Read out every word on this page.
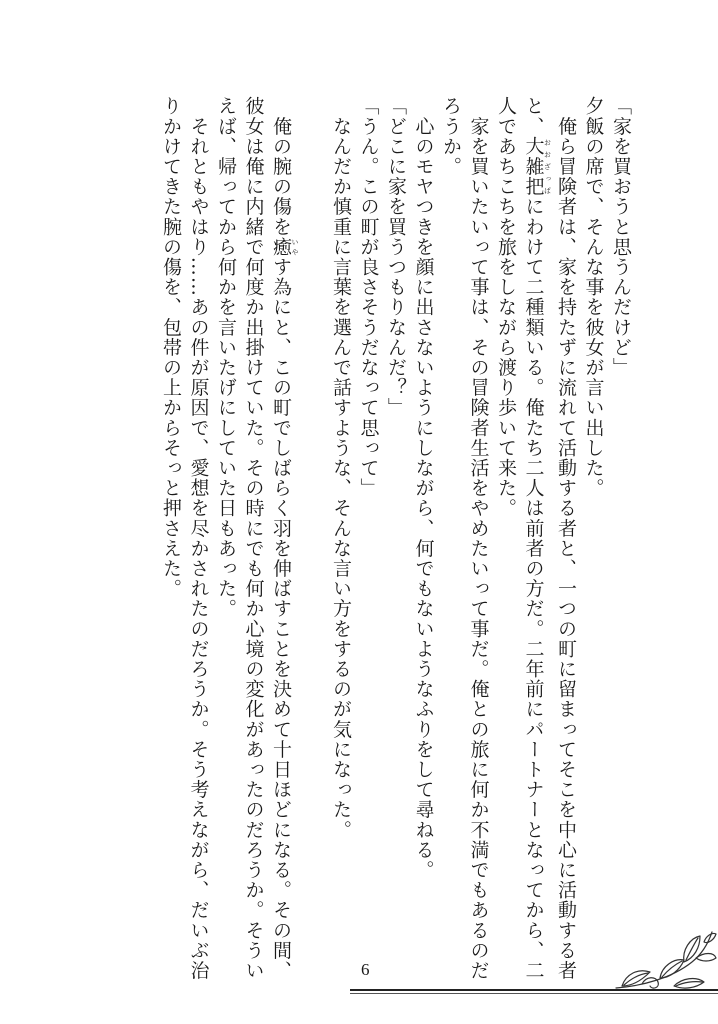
「家を買おうと思うんだけど」
夕飯の席で、そんな事を彼女が言い出した。
　俺ら冒険者は、家を持たずに流れて活動する者と、一つの町に留まってそこを中心に活動する者
と、大雑把 おおざっぱにわけて二種類いる。俺たち二人は前者の方だ。二年前にパートナーとなってから、二
人であちこちを旅をしながら渡り歩いて来た。
　家を買いたいって事は、その冒険者生活をやめたいって事だ。俺との旅に何か不満でもあるのだ
ろうか。
　心のモヤつきを顔に出さないようにしながら、何でもないようなふりをして尋ねる。
「どこに家を買うつもりなんだ？」
「うん。この町が良さそうだなって思って」
　なんだか慎重に言葉を選んで話すような、そんな言い方をするのが気になった。

　俺の腕の傷を癒 いやす為にと、この町でしばらく羽を伸ばすことを決めて十日ほどになる。その間、
彼女は俺に内緒で何度か出掛けていた。その時にでも何か心境の変化があったのだろうか。そうい
えば、帰ってから何かを言いたげにしていた日もあった。
　それともやはり……あの件が原因で、愛想を尽かされたのだろうか。そう考えながら、だいぶ治
りかけてきた腕の傷を、包帯の上からそっと押さえた。
6
